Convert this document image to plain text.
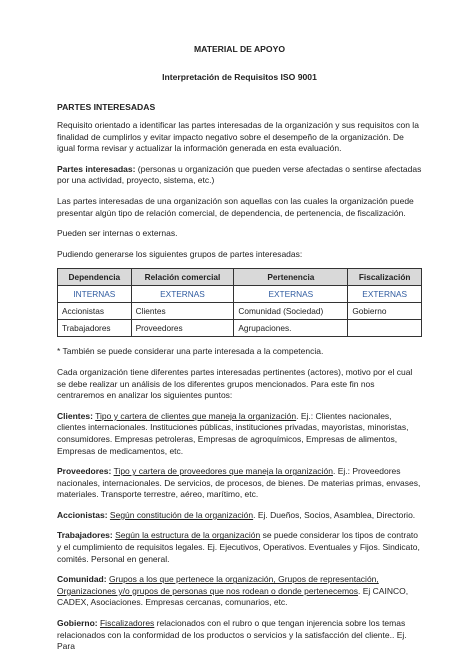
MATERIAL DE APOYO
Interpretación de Requisitos ISO 9001
PARTES INTERESADAS

Requisito orientado a identificar las partes interesadas de la organización y sus requisitos con la finalidad de cumplirlos y evitar impacto negativo sobre el desempeño de la organización. De igual forma revisar y actualizar la información generada en esta evaluación.

Partes interesadas: (personas u organización que pueden verse afectadas o sentirse afectadas por una actividad, proyecto, sistema, etc.)

Las partes interesadas de una organización son aquellas con las cuales la organización puede presentar algún tipo de relación comercial, de dependencia, de pertenencia, de fiscalización.

Pueden ser internas o externas.

Pudiendo generarse los siguientes grupos de partes interesadas:

Dependencia	Relación comercial	Pertenencia	Fiscalización
INTERNAS	EXTERNAS	EXTERNAS	EXTERNAS
Accionistas	Clientes	Comunidad (Sociedad)	Gobierno
Trabajadores	Proveedores	Agrupaciones.	

* También se puede considerar una parte interesada a la competencia.

Cada organización tiene diferentes partes interesadas pertinentes (actores), motivo por el cual se debe realizar un análisis de los diferentes grupos mencionados. Para este fin nos centraremos en analizar los siguientes puntos:

Clientes: Tipo y cartera de clientes que maneja la organización. Ej.: Clientes nacionales, clientes internacionales. Instituciones públicas, instituciones privadas, mayoristas, minoristas, consumidores. Empresas petroleras, Empresas de agroquímicos, Empresas de alimentos, Empresas de medicamentos, etc.

Proveedores: Tipo y cartera de proveedores que maneja la organización. Ej.: Proveedores nacionales, internacionales. De servicios, de procesos, de bienes. De materias primas, envases, materiales. Transporte terrestre, aéreo, marítimo, etc.

Accionistas: Según constitución de la organización. Ej. Dueños, Socios, Asamblea, Directorio.

Trabajadores: Según la estructura de la organización se puede considerar los tipos de contrato y el cumplimiento de requisitos legales. Ej. Ejecutivos, Operativos. Eventuales y Fijos. Sindicato, comités. Personal en general.

Comunidad: Grupos a los que pertenece la organización, Grupos de representación, Organizaciones y/o grupos de personas que nos rodean o donde pertenecemos. Ej CAINCO, CADEX, Asociaciones. Empresas cercanas, comunarios, etc.

Gobierno: Fiscalizadores relacionados con el rubro o que tengan injerencia sobre los temas relacionados con la conformidad de los productos o servicios y la satisfacción del cliente.. Ej. Para
